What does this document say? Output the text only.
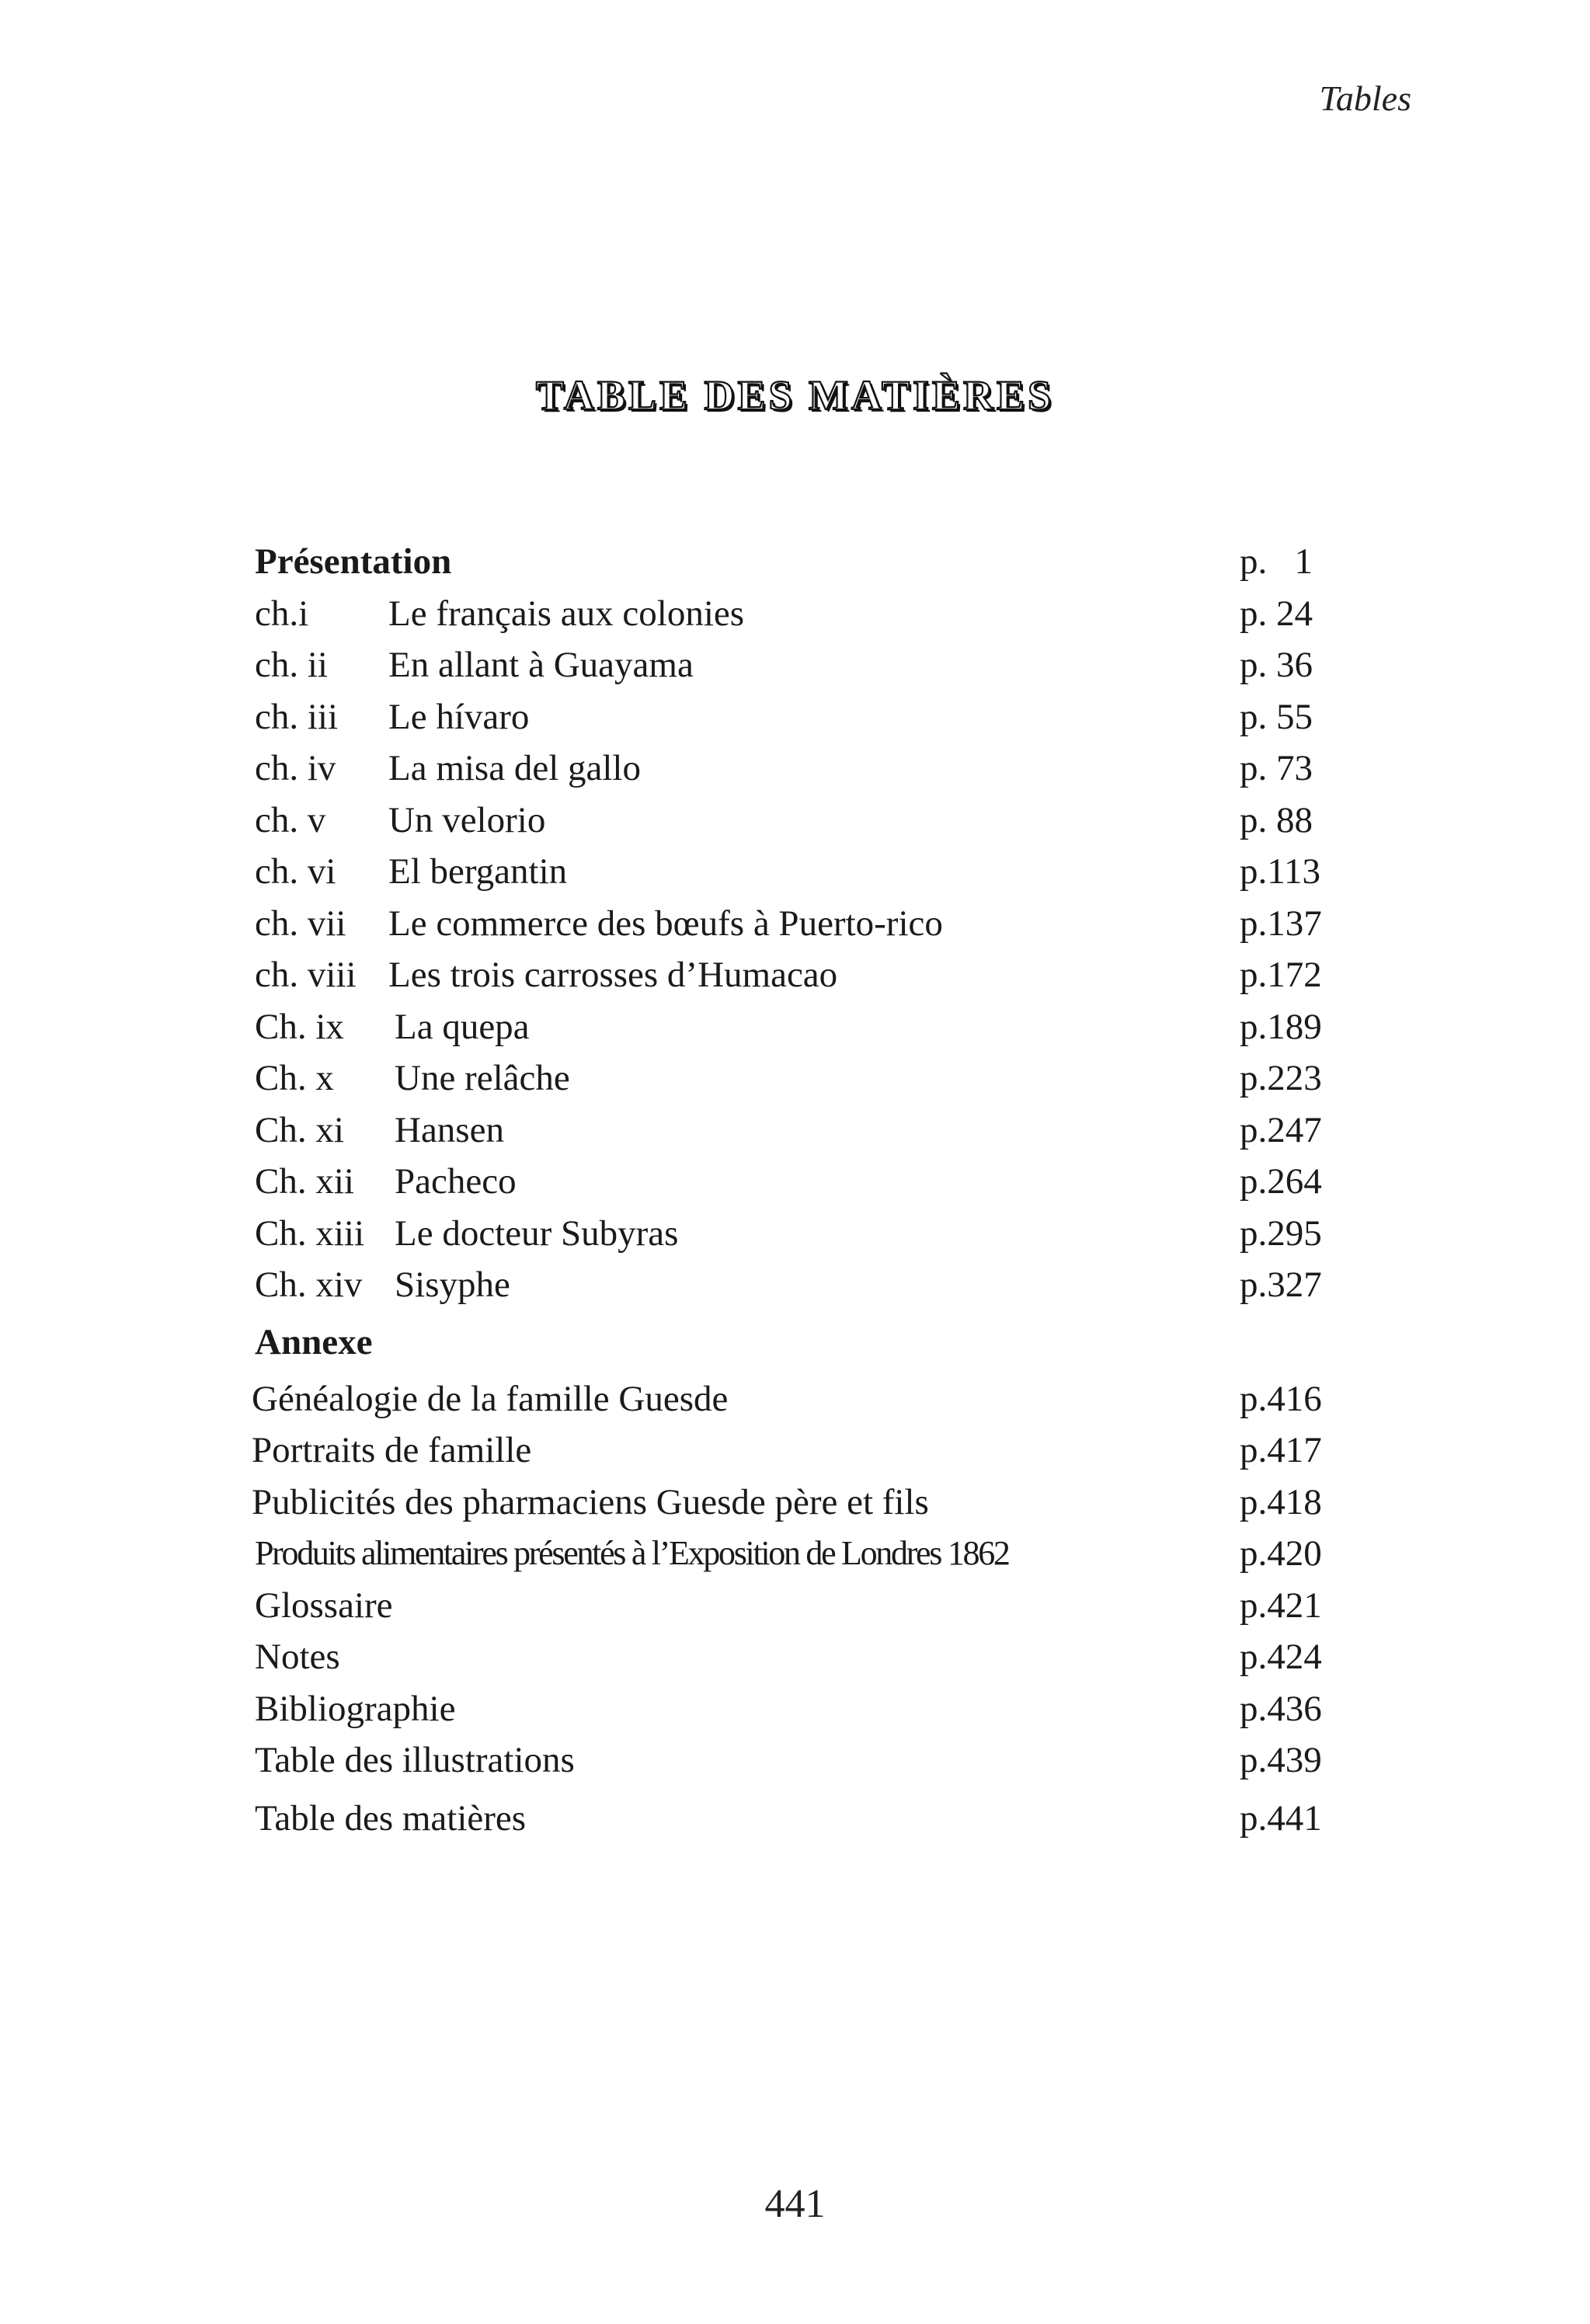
Tables
TABLE DES MATIÈRES
Présentation	p.   1
ch.i Le français aux colonies	p. 24
ch. ii En allant à Guayama	p. 36
ch. iii Le hívaro	p. 55
ch. iv La misa del gallo	p. 73
ch. v Un velorio	p. 88
ch. vi El bergantin	p.113
ch. vii Le commerce des bœufs à Puerto-rico	p.137
ch. viii Les trois carrosses d’Humacao	p.172
Ch. ix La quepa	p.189
Ch. x Une relâche	p.223
Ch. xi Hansen	p.247
Ch. xii Pacheco	p.264
Ch. xiii Le docteur Subyras	p.295
Ch. xiv Sisyphe	p.327
Annexe
Généalogie de la famille Guesde	p.416
Portraits de famille	p.417
Publicités des pharmaciens Guesde père et fils	p.418
Produits alimentaires présentés à l’Exposition de Londres 1862	p.420
Glossaire	p.421
Notes	p.424
Bibliographie	p.436
Table des illustrations	p.439
Table des matières	p.441
441
